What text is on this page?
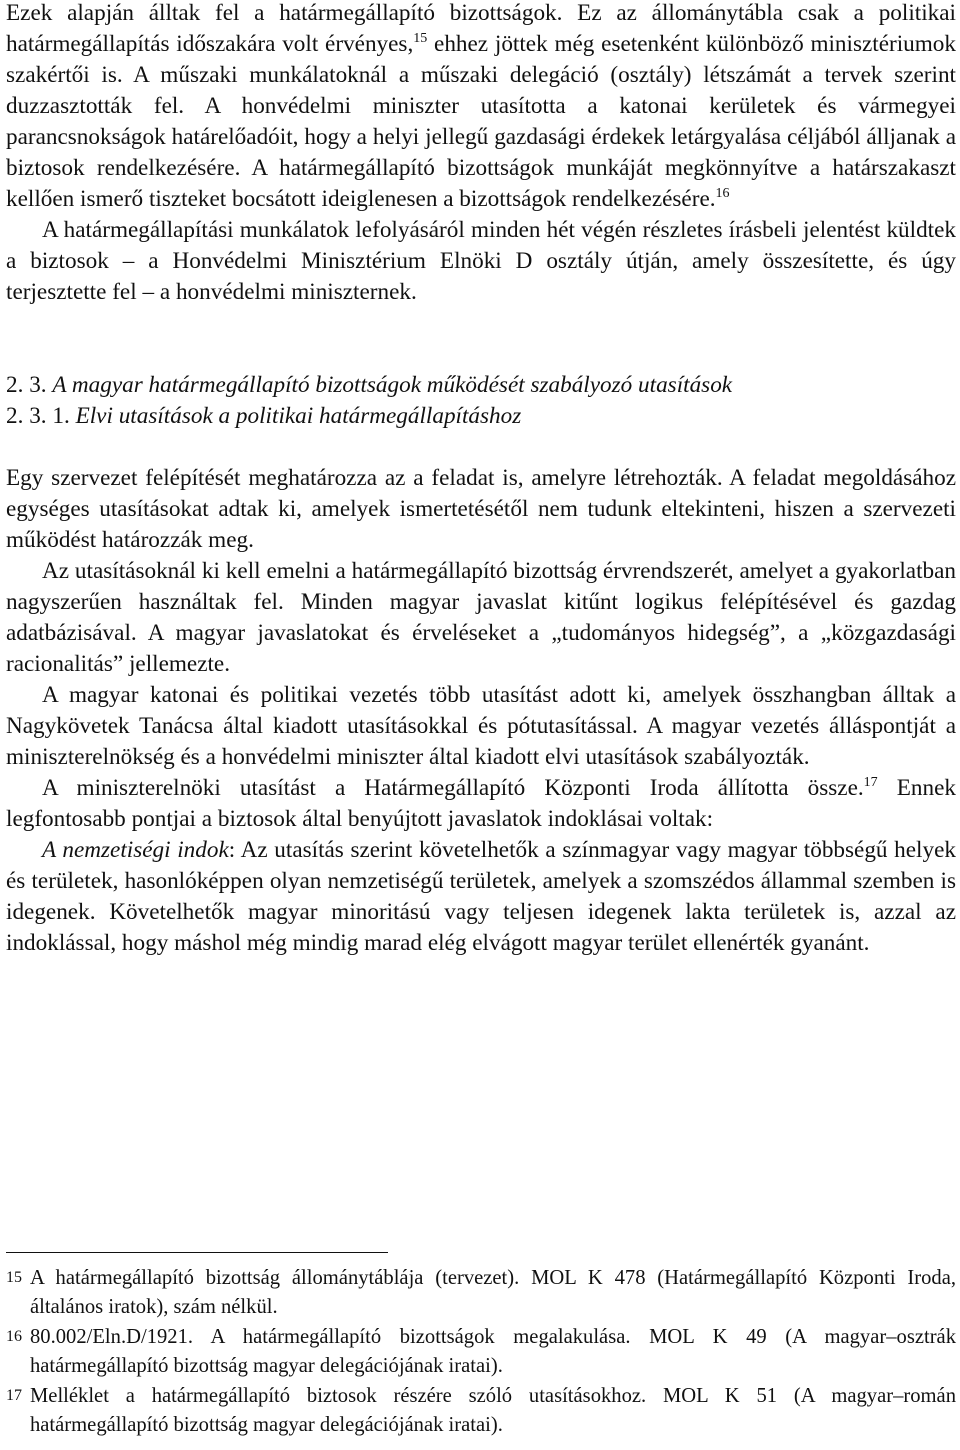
Ezek alapján álltak fel a határmegállapító bizottságok. Ez az állománytábla csak a politikai határmegállapítás időszakára volt érvényes,$^{15}$ ehhez jöttek még esetenként különböző minisztériumok szakértői is. A műszaki munkálatoknál a műszaki delegáció (osztály) létszámát a tervek szerint duzzasztották fel. A honvédelmi miniszter utasította a katonai kerületek és vármegyei parancsnokságok határelőadóit, hogy a helyi jellegű gazdasági érdekek letárgyalása céljából álljanak a biztosok rendelkezésére. A határmegállapító bizottságok munkáját megkönnyítve a határszakaszt kellően ismerő tiszteket bocsátott ideiglenesen a bizottságok rendelkezésére.$^{16}$

A határmegállapítási munkálatok lefolyásáról minden hét végén részletes írásbeli jelentést küldtek a biztosok – a Honvédelmi Minisztérium Elnöki D osztály útján, amely összesítette, és úgy terjesztette fel – a honvédelmi miniszternek.

2. 3. A magyar határmegállapító bizottságok működését szabályozó utasítások
2. 3. 1. Elvi utasítások a politikai határmegállapításhoz

Egy szervezet felépítését meghatározza az a feladat is, amelyre létrehozták. A feladat megoldásához egységes utasításokat adtak ki, amelyek ismertetésétől nem tudunk eltekinteni, hiszen a szervezeti működést határozzák meg.

Az utasításoknál ki kell emelni a határmegállapító bizottság érvrendszerét, amelyet a gyakorlatban nagyszerűen használtak fel. Minden magyar javaslat kitűnt logikus felépítésével és gazdag adatbázisával. A magyar javaslatokat és érveléseket a „tudományos hidegség”, a „közgazdasági racionalitás” jellemezte.

A magyar katonai és politikai vezetés több utasítást adott ki, amelyek összhangban álltak a Nagykövetek Tanácsa által kiadott utasításokkal és pótutasítással. A magyar vezetés álláspontját a miniszterelnökség és a honvédelmi miniszter által kiadott elvi utasítások szabályozták.

A miniszterelnöki utasítást a Határmegállapító Központi Iroda állította össze.$^{17}$ Ennek legfontosabb pontjai a biztosok által benyújtott javaslatok indoklásai voltak:

A nemzetiségi indok: Az utasítás szerint követelhetők a színmagyar vagy magyar többségű helyek és területek, hasonlóképpen olyan nemzetiségű területek, amelyek a szomszédos állammal szemben is idegenek. Követelhetők magyar minoritású vagy teljesen idegenek lakta területek is, azzal az indoklással, hogy máshol még mindig marad elég elvágott magyar terület ellenérték gyanánt.

15 A határmegállapító bizottság állománytáblája (tervezet). MOL K 478 (Határmegállapító Központi Iroda, általános iratok), szám nélkül.

16 80.002/Eln.D/1921. A határmegállapító bizottságok megalakulása. MOL K 49 (A magyar–osztrák határmegállapító bizottság magyar delegációjának iratai).

17 Melléklet a határmegállapító biztosok részére szóló utasításokhoz. MOL K 51 (A magyar–román határmegállapító bizottság magyar delegációjának iratai).
